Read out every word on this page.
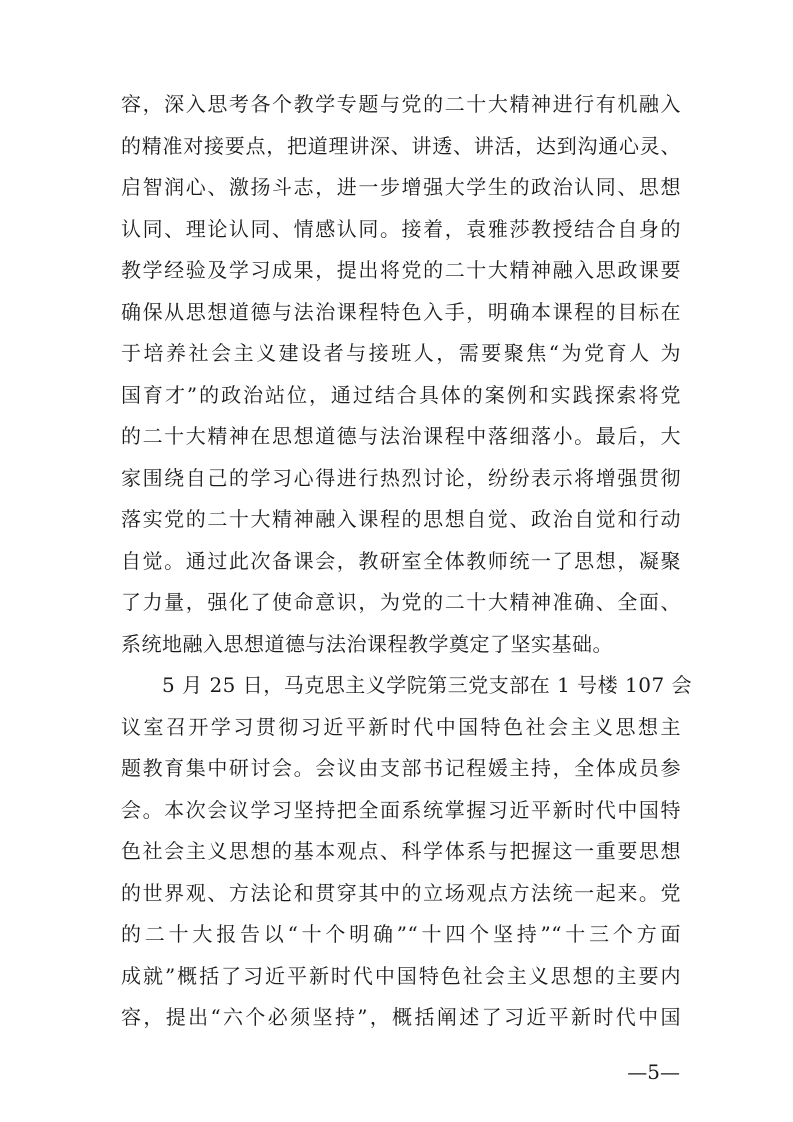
容，深入思考各个教学专题与党的二十大精神进行有机融入
的精准对接要点，把道理讲深、讲透、讲活，达到沟通心灵、
启智润心、激扬斗志，进一步增强大学生的政治认同、思想
认同、理论认同、情感认同。接着，袁雅莎教授结合自身的
教学经验及学习成果，提出将党的二十大精神融入思政课要
确保从思想道德与法治课程特色入手，明确本课程的目标在
于培养社会主义建设者与接班人，需要聚焦“为党育人 为
国育才”的政治站位，通过结合具体的案例和实践探索将党
的二十大精神在思想道德与法治课程中落细落小。最后，大
家围绕自己的学习心得进行热烈讨论，纷纷表示将增强贯彻
落实党的二十大精神融入课程的思想自觉、政治自觉和行动
自觉。通过此次备课会，教研室全体教师统一了思想，凝聚
了力量，强化了使命意识，为党的二十大精神准确、全面、
系统地融入思想道德与法治课程教学奠定了坚实基础。
5 月 25 日，马克思主义学院第三党支部在 1 号楼 107 会
议室召开学习贯彻习近平新时代中国特色社会主义思想主
题教育集中研讨会。会议由支部书记程媛主持，全体成员参
会。本次会议学习坚持把全面系统掌握习近平新时代中国特
色社会主义思想的基本观点、科学体系与把握这一重要思想
的世界观、方法论和贯穿其中的立场观点方法统一起来。党
的二十大报告以“十个明确”“十四个坚持”“十三个方面
成就”概括了习近平新时代中国特色社会主义思想的主要内
—5—
容，提出“六个必须坚持”，概括阐述了习近平新时代中国
